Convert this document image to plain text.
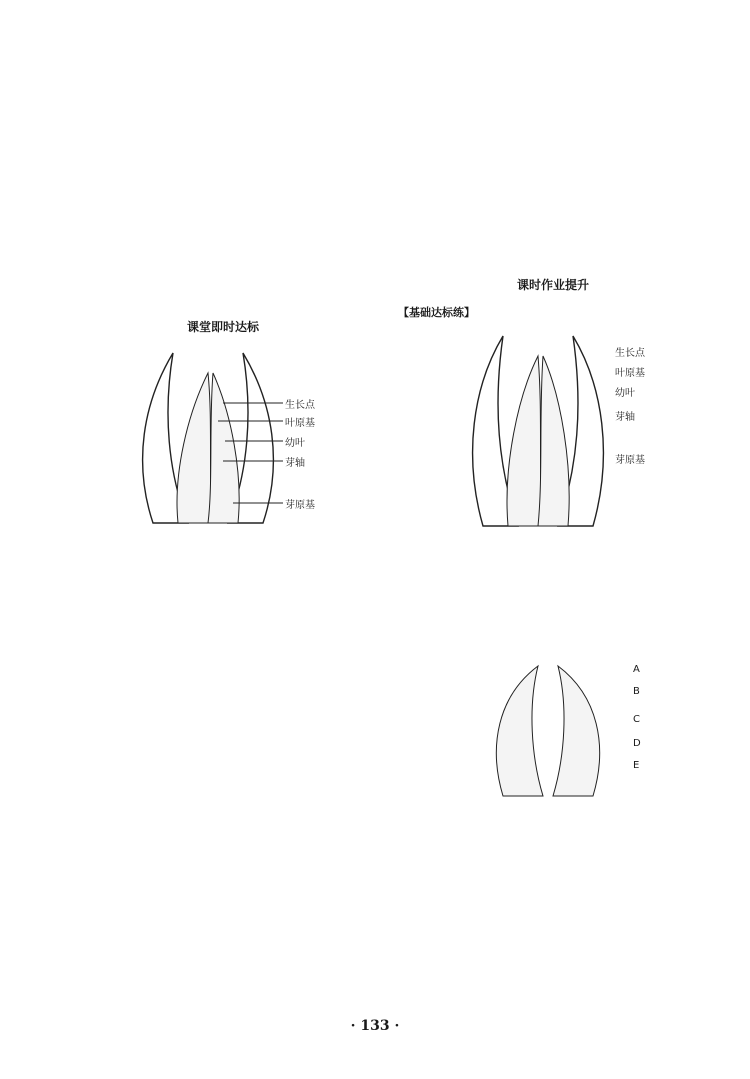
课堂即时达标
生长点
叶原基
幼叶
芽轴
芽原基
课时作业提升
【基础达标练】
生长点
叶原基
幼叶
芽轴
芽原基
A
B
C
D
E
· 133 ·
